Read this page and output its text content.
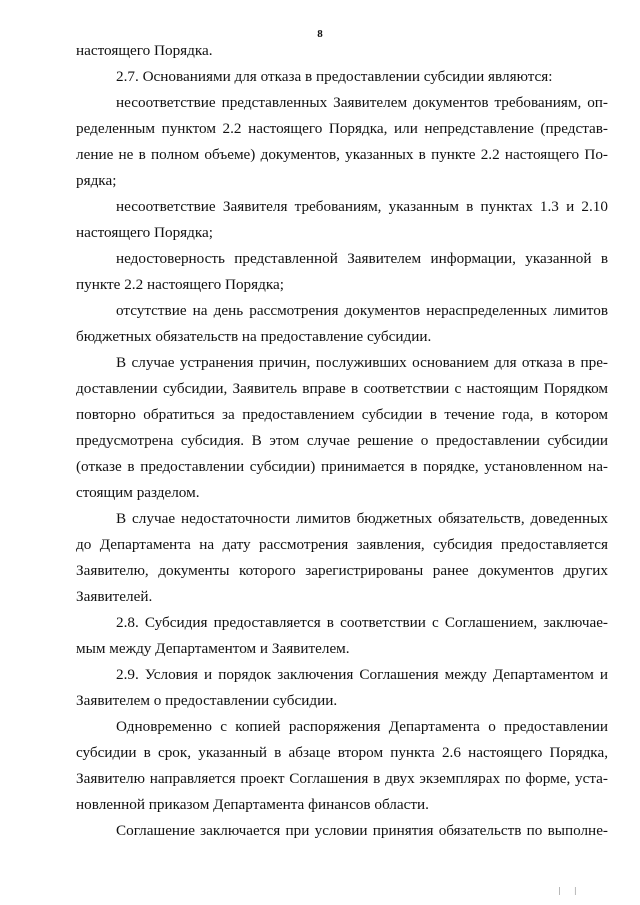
8
настоящего Порядка.
2.7. Основаниями для отказа в предоставлении субсидии являются:
несоответствие представленных Заявителем документов требованиям, оп-
ределенным пунктом 2.2 настоящего Порядка, или непредставление (представ-
ление не в полном объеме) документов, указанных в пункте 2.2 настоящего По-
рядка;
несоответствие Заявителя требованиям, указанным в пунктах 1.3 и 2.10
настоящего Порядка;
недостоверность представленной Заявителем информации, указанной в
пункте 2.2 настоящего Порядка;
отсутствие на день рассмотрения документов нераспределенных лимитов
бюджетных обязательств на предоставление субсидии.
В случае устранения причин, послуживших основанием для отказа в пре-
доставлении субсидии, Заявитель вправе в соответствии с настоящим Порядком
повторно обратиться за предоставлением субсидии в течение года, в котором
предусмотрена субсидия. В этом случае решение о предоставлении субсидии
(отказе в предоставлении субсидии) принимается в порядке, установленном на-
стоящим разделом.
В случае недостаточности лимитов бюджетных обязательств, доведенных
до Департамента на дату рассмотрения заявления, субсидия предоставляется
Заявителю, документы которого зарегистрированы ранее документов других
Заявителей.
2.8. Субсидия предоставляется в соответствии с Соглашением, заключае-
мым между Департаментом и Заявителем.
2.9. Условия и порядок заключения Соглашения между Департаментом и
Заявителем о предоставлении субсидии.
Одновременно с копией распоряжения Департамента о предоставлении
субсидии в срок, указанный в абзаце втором пункта 2.6 настоящего Порядка,
Заявителю направляется проект Соглашения в двух экземплярах по форме, уста-
новленной приказом Департамента финансов области.
Соглашение заключается при условии принятия обязательств по выполне-
| |
